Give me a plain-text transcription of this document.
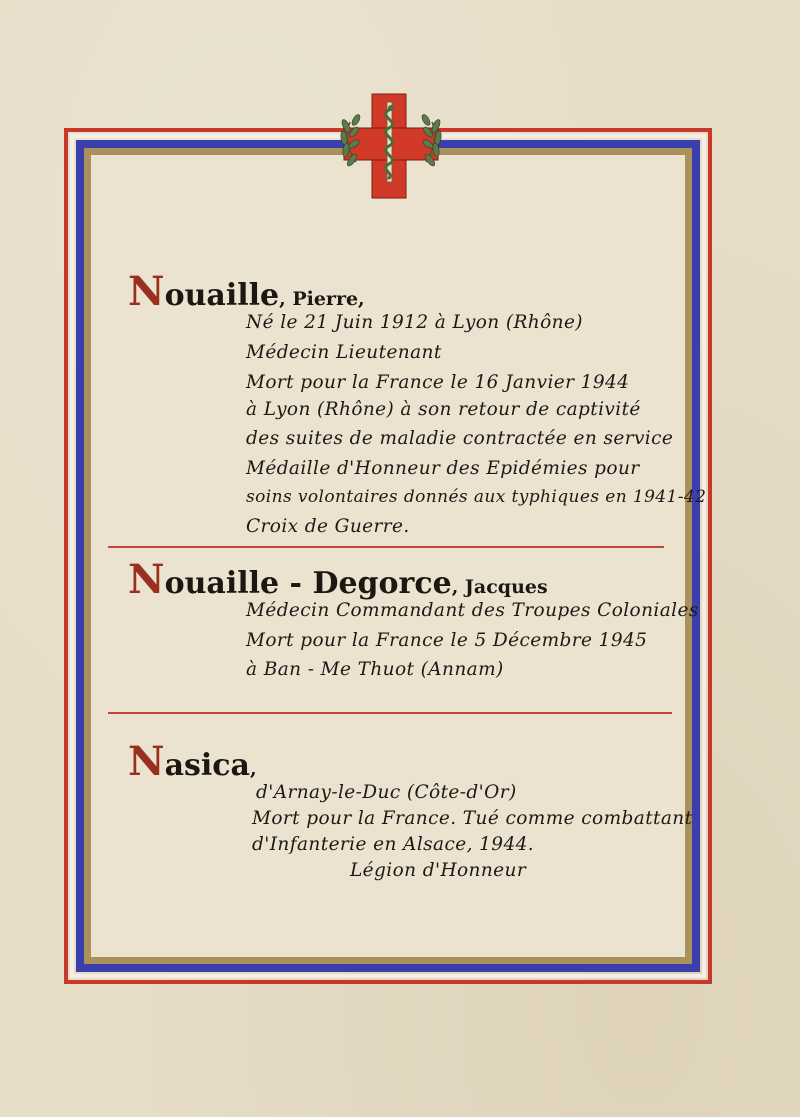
Nouaille, Pierre,
Né le 21 Juin 1912 à Lyon (Rhône)
Médecin Lieutenant
Mort pour la France le 16 Janvier 1944
à Lyon (Rhône) à son retour de captivité
des suites de maladie contractée en service
Médaille d'Honneur des Epidémies pour
soins volontaires donnés aux typhiques en 1941-42
Croix de Guerre.
Nouaille - Degorce, Jacques
Médecin Commandant des Troupes Coloniales
Mort pour la France le 5 Décembre 1945
à Ban - Me Thuot (Annam)
Nasica,
d'Arnay-le-Duc (Côte-d'Or)
Mort pour la France. Tué comme combattant
d'Infanterie en Alsace, 1944.
Légion d'Honneur
